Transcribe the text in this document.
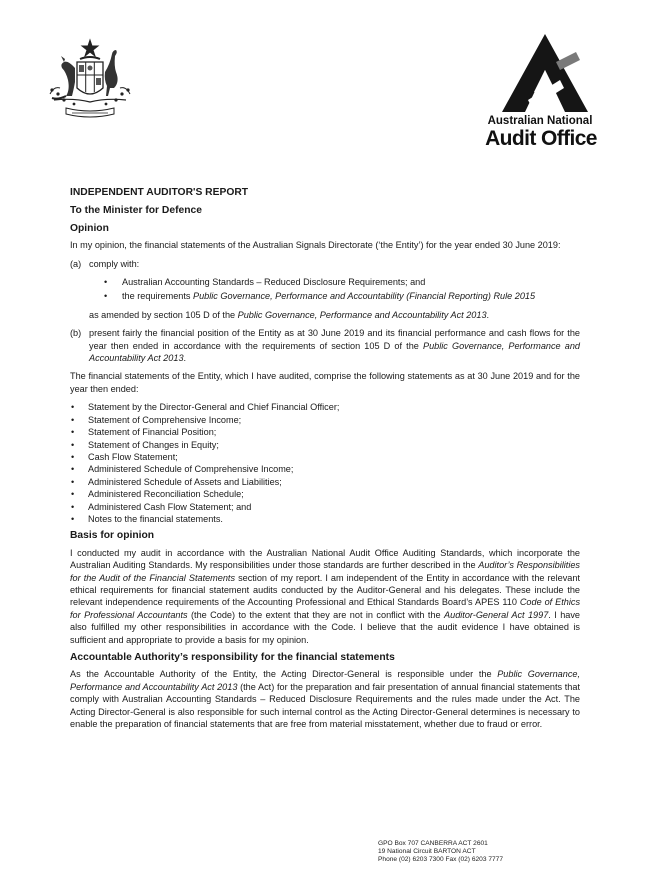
Australian National
Audit Office
INDEPENDENT AUDITOR'S REPORT
To the Minister for Defence
Opinion

In my opinion, the financial statements of the Australian Signals Directorate (‘the Entity’) for the year ended 30 June 2019:

(a) comply with:
• Australian Accounting Standards – Reduced Disclosure Requirements; and
• the requirements Public Governance, Performance and Accountability (Financial Reporting) Rule 2015
as amended by section 105 D of the Public Governance, Performance and Accountability Act 2013.
(b) present fairly the financial position of the Entity as at 30 June 2019 and its financial performance and cash flows for the year then ended in accordance with the requirements of section 105 D of the Public Governance, Performance and Accountability Act 2013.

The financial statements of the Entity, which I have audited, comprise the following statements as at 30 June 2019 and for the year then ended:

• Statement by the Director-General and Chief Financial Officer;
• Statement of Comprehensive Income;
• Statement of Financial Position;
• Statement of Changes in Equity;
• Cash Flow Statement;
• Administered Schedule of Comprehensive Income;
• Administered Schedule of Assets and Liabilities;
• Administered Reconciliation Schedule;
• Administered Cash Flow Statement; and
• Notes to the financial statements.
Basis for opinion

I conducted my audit in accordance with the Australian National Audit Office Auditing Standards, which incorporate the Australian Auditing Standards. My responsibilities under those standards are further described in the Auditor’s Responsibilities for the Audit of the Financial Statements section of my report. I am independent of the Entity in accordance with the relevant ethical requirements for financial statement audits conducted by the Auditor-General and his delegates. These include the relevant independence requirements of the Accounting Professional and Ethical Standards Board’s APES 110 Code of Ethics for Professional Accountants (the Code) to the extent that they are not in conflict with the Auditor-General Act 1997. I have also fulfilled my other responsibilities in accordance with the Code. I believe that the audit evidence I have obtained is sufficient and appropriate to provide a basis for my opinion.

Accountable Authority’s responsibility for the financial statements

As the Accountable Authority of the Entity, the Acting Director-General is responsible under the Public Governance, Performance and Accountability Act 2013 (the Act) for the preparation and fair presentation of annual financial statements that comply with Australian Accounting Standards – Reduced Disclosure Requirements and the rules made under the Act. The Acting Director-General is also responsible for such internal control as the Acting Director-General determines is necessary to enable the preparation of financial statements that are free from material misstatement, whether due to fraud or error.

GPO Box 707 CANBERRA ACT 2601
19 National Circuit BARTON ACT
Phone (02) 6203 7300 Fax (02) 6203 7777
